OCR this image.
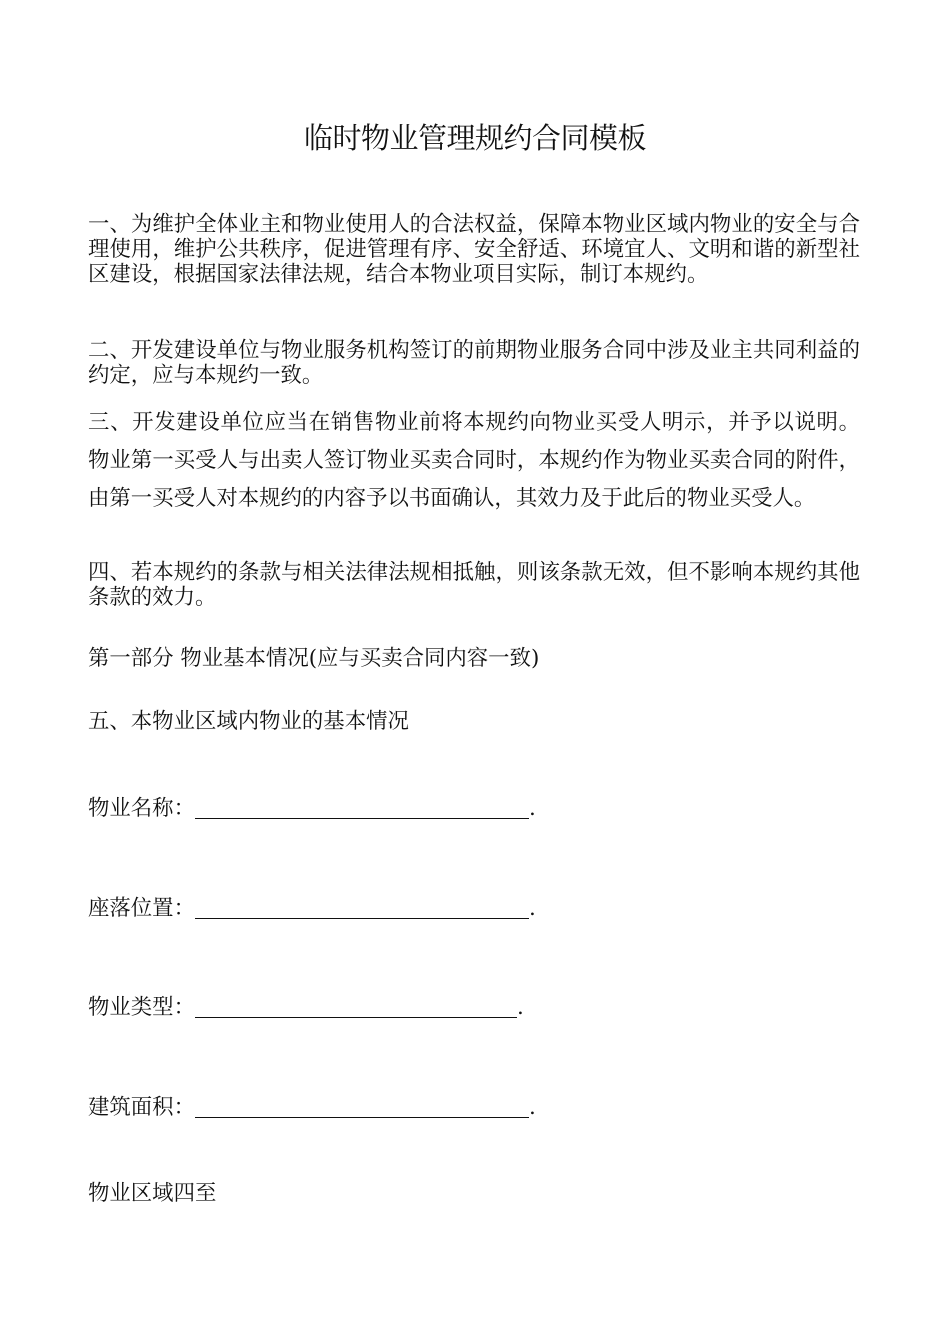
临时物业管理规约合同模板

一、为维护全体业主和物业使用人的合法权益，保障本物业区域内物业的安全与合理使用，维护公共秩序，促进管理有序、安全舒适、环境宜人、文明和谐的新型社区建设，根据国家法律法规，结合本物业项目实际，制订本规约。

二、开发建设单位与物业服务机构签订的前期物业服务合同中涉及业主共同利益的约定，应与本规约一致。

三、开发建设单位应当在销售物业前将本规约向物业买受人明示，并予以说明。 物业第一买受人与出卖人签订物业买卖合同时，本规约作为物业买卖合同的附件，由第一买受人对本规约的内容予以书面确认，其效力及于此后的物业买受人。

四、若本规约的条款与相关法律法规相抵触，则该条款无效，但不影响本规约其他条款的效力。

第一部分 物业基本情况(应与买卖合同内容一致)
五、本物业区域内物业的基本情况
物业名称：	.
座落位置：	.
物业类型：	.
建筑面积：	.
物业区域四至
